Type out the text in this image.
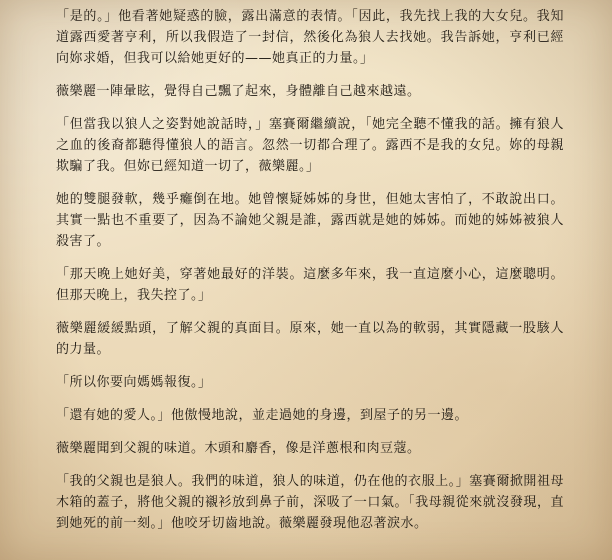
「是的。」他看著她疑惑的臉，露出滿意的表情。「因此，我先找上我的大女兒。我知道露西愛著亨利，所以我假造了一封信，然後化為狼人去找她。我告訴她，亨利已經向妳求婚，但我可以給她更好的——她真正的力量。」

薇樂麗一陣暈眩，覺得自己飄了起來，身體離自己越來越遠。

「但當我以狼人之姿對她說話時，」塞賽爾繼續說，「她完全聽不懂我的話。擁有狼人之血的後裔都聽得懂狼人的語言。忽然一切都合理了。露西不是我的女兒。妳的母親欺騙了我。但妳已經知道一切了，薇樂麗。」

她的雙腿發軟，幾乎癱倒在地。她曾懷疑姊姊的身世，但她太害怕了，不敢說出口。其實一點也不重要了，因為不論她父親是誰，露西就是她的姊姊。而她的姊姊被狼人殺害了。

「那天晚上她好美，穿著她最好的洋裝。這麼多年來，我一直這麼小心，這麼聰明。但那天晚上，我失控了。」

薇樂麗緩緩點頭，了解父親的真面目。原來，她一直以為的軟弱，其實隱藏一股駭人的力量。

「所以你要向媽媽報復。」

「還有她的愛人。」他傲慢地說，並走過她的身邊，到屋子的另一邊。

薇樂麗聞到父親的味道。木頭和麝香，像是洋蔥根和肉豆蔻。

「我的父親也是狼人。我們的味道，狼人的味道，仍在他的衣服上。」塞賽爾掀開祖母木箱的蓋子，將他父親的襯衫放到鼻子前，深吸了一口氣。「我母親從來就沒發現，直到她死的前一刻。」他咬牙切齒地說。薇樂麗發現他忍著淚水。
